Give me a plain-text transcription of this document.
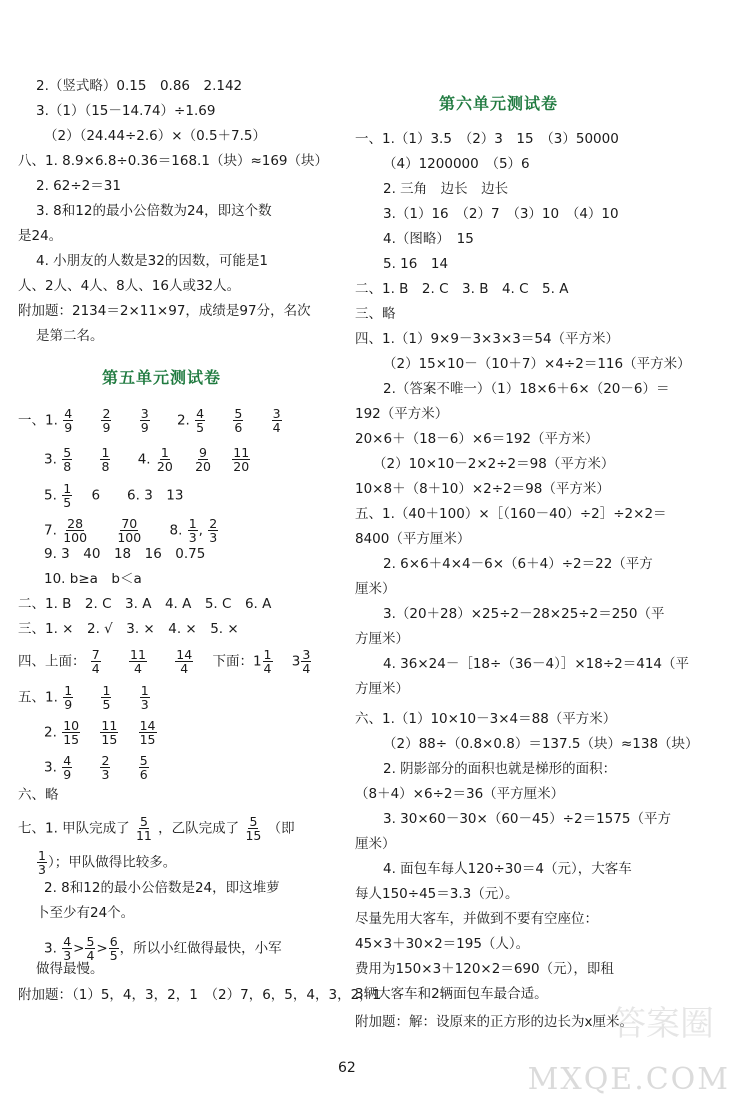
2.（竖式略）0.15　0.86　2.142
3.（1）（15－14.74）÷1.69
（2）（24.44÷2.6）×（0.5＋7.5）
八、1. 8.9×6.8÷0.36＝168.1（块）≈169（块）
2. 62÷2＝31
3. 8和12的最小公倍数为24，即这个数
是24。
4. 小朋友的人数是32的因数，可能是1
人、2人、4人、8人、16人或32人。
附加题：2134＝2×11×97，成绩是97分，名次
是第二名。
第五单元测试卷
一、1. $\frac{4}{9}$
$\frac{2}{9}$
$\frac{3}{9} 2$. $\frac{4}{5}$
$\frac{5}{6}$
$\frac{3}{4}$
3. $\frac{5}{8}$
$\frac{1}{8} 4$. $\frac{1}{20}$
$\frac{9}{20}$
$\frac{11}{20}$
5. $\frac{1}{5} 6$　　6. 3　13
7. $\frac{28}{100}$
$\frac{70}{100} 8$. $\frac{1}{3}$ , $\frac{2}{3}$
9. 3　40　18　16　0.75
10. b≥a　b＜a
二、1. B　2. C　3. A　4. A　5. C　6. A
三、1. ×　2. √　3. ×　4. ×　5. ×
四、上面： $\frac{7}{4}$
$\frac{11}{4}$
$\frac{14}{4}$ 下面：$1 \frac{1}{4} 3 \frac{3}{4}$
五、1. $\frac{1}{9}$
$\frac{1}{5}$
$\frac{1}{3}$
2. $\frac{10}{15}$
$\frac{11}{15}$
$\frac{14}{15}$
3. $\frac{4}{9}$
$\frac{2}{3}$
$\frac{5}{6}$
六、略
七、1. 甲队完成了 $\frac{5}{11}$ ，乙队完成了 $\frac{5}{15}$ （即
$\frac{1}{3}$ ）；甲队做得比较多。
2. 8和12的最小公倍数是24，即这堆萝
卜至少有24个。
3. $\frac{4}{3} > \frac{5}{4} > \frac{6}{5}$ ，所以小红做得最快，小军
做得最慢。
附加题：（1）5，4，3，2，1　（2）7，6，5，4，3，2，1
第六单元测试卷
一、1.（1）3.5　（2）3　15　（3）50000
（4）1200000　（5）6
2. 三角　边长　边长
3.（1）16　（2）7　（3）10　（4）10
4.（图略）　15
5. 16　14
二、1. B　2. C　3. B　4. C　5. A
三、略
四、1.（1）9×9－3×3×3＝54（平方米）
（2）15×10－（10＋7）×4÷2＝116（平方米）
2.（答案不唯一）（1）18×6＋6×（20－6）＝
192（平方米）
20×6＋（18－6）×6＝192（平方米）
（2）10×10－2×2÷2＝98（平方米）
10×8＋（8＋10）×2÷2＝98（平方米）
五、1.（40＋100）×［（160－40）÷2］÷2×2＝
8400（平方厘米）
2. 6×6＋4×4－6×（6＋4）÷2＝22（平方
厘米）
3.（20＋28）×25÷2－28×25÷2＝250（平
方厘米）
4. 36×24－［18÷（36－4）］×18÷2＝414（平
方厘米）
六、1.（1）10×10－3×4＝88（平方米）
（2）88÷（0.8×0.8）＝137.5（块）≈138（块）
2. 阴影部分的面积也就是梯形的面积：
（8＋4）×6÷2＝36（平方厘米）
3. 30×60－30×（60－45）÷2＝1575（平方
厘米）
4. 面包车每人120÷30＝4（元），大客车
每人150÷45＝3.3（元）。
尽量先用大客车，并做到不要有空座位：
45×3＋30×2＝195（人）。
费用为150×3＋120×2＝690（元），即租
3辆大客车和2辆面包车最合适。
附加题：解：设原来的正方形的边长为x厘米。
62
答案圈
MXQE.COM
